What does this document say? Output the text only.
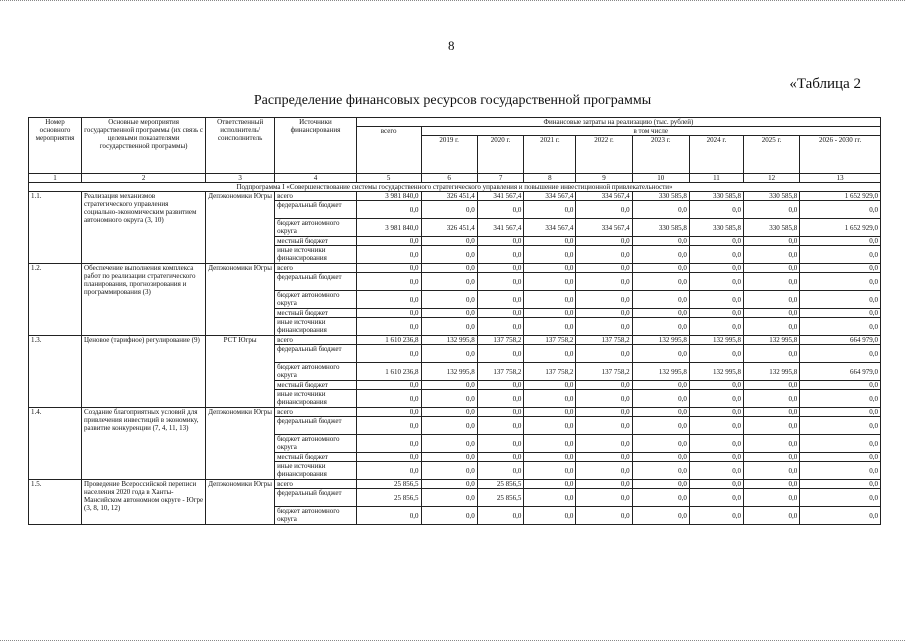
8
«Таблица 2
Распределение финансовых ресурсов государственной программы
Номер основного мероприятия	Основные мероприятия государственной программы (их связь с целевыми показателями государственной программы)	Ответственный исполнитель/ соисполнитель	Источники финансирования	Финансовые затраты на реализацию (тыс. рублей)								
				всего	в том числе							
					2019 г.	2020 г.	2021 г.	2022 г.	2023 г.	2024 г.	2025 г.	2026 - 2030 гг.
1	2	3	4	5	6	7	8	9	10	11	12	13
Подпрограмма I «Совершенствование системы государственного стратегического управления и повышение инвестиционной привлекательности»												
1.1.	Реализация механизмов стратегического управления социально-экономическим развитием автономного округа (3, 10)	Депэкономики Югры	всего	3 981 840,0	326 451,4	341 567,4	334 567,4	334 567,4	330 585,8	330 585,8	330 585,8	1 652 929,0
			федеральный бюджет	0,0	0,0	0,0	0,0	0,0	0,0	0,0	0,0	0,0
			бюджет автономного округа	3 981 840,0	326 451,4	341 567,4	334 567,4	334 567,4	330 585,8	330 585,8	330 585,8	1 652 929,0
			местный бюджет	0,0	0,0	0,0	0,0	0,0	0,0	0,0	0,0	0,0
			иные источники финансирования	0,0	0,0	0,0	0,0	0,0	0,0	0,0	0,0	0,0
1.2.	Обеспечение выполнения комплекса работ по реализации стратегического планирования, прогнозирования и программирования (3)	Депэкономики Югры	всего	0,0	0,0	0,0	0,0	0,0	0,0	0,0	0,0	0,0
			федеральный бюджет	0,0	0,0	0,0	0,0	0,0	0,0	0,0	0,0	0,0
			бюджет автономного округа	0,0	0,0	0,0	0,0	0,0	0,0	0,0	0,0	0,0
			местный бюджет	0,0	0,0	0,0	0,0	0,0	0,0	0,0	0,0	0,0
			иные источники финансирования	0,0	0,0	0,0	0,0	0,0	0,0	0,0	0,0	0,0
1.3.	Ценовое (тарифное) регулирование (9)	РСТ Югры	всего	1 610 236,8	132 995,8	137 758,2	137 758,2	137 758,2	132 995,8	132 995,8	132 995,8	664 979,0
			федеральный бюджет	0,0	0,0	0,0	0,0	0,0	0,0	0,0	0,0	0,0
			бюджет автономного округа	1 610 236,8	132 995,8	137 758,2	137 758,2	137 758,2	132 995,8	132 995,8	132 995,8	664 979,0
			местный бюджет	0,0	0,0	0,0	0,0	0,0	0,0	0,0	0,0	0,0
			иные источники финансирования	0,0	0,0	0,0	0,0	0,0	0,0	0,0	0,0	0,0
1.4.	Создание благоприятных условий для привлечения инвестиций в экономику, развитие конкуренции (7, 4, 11, 13)	Депэкономики Югры	всего	0,0	0,0	0,0	0,0	0,0	0,0	0,0	0,0	0,0
			федеральный бюджет	0,0	0,0	0,0	0,0	0,0	0,0	0,0	0,0	0,0
			бюджет автономного округа	0,0	0,0	0,0	0,0	0,0	0,0	0,0	0,0	0,0
			местный бюджет	0,0	0,0	0,0	0,0	0,0	0,0	0,0	0,0	0,0
			иные источники финансирования	0,0	0,0	0,0	0,0	0,0	0,0	0,0	0,0	0,0
1.5.	Проведение Всероссийской переписи населения 2020 года в Ханты-Мансийском автономном округе - Югре (3, 8, 10, 12)	Депэкономики Югры	всего	25 856,5	0,0	25 856,5	0,0	0,0	0,0	0,0	0,0	0,0
			федеральный бюджет	25 856,5	0,0	25 856,5	0,0	0,0	0,0	0,0	0,0	0,0
			бюджет автономного округа	0,0	0,0	0,0	0,0	0,0	0,0	0,0	0,0	0,0
